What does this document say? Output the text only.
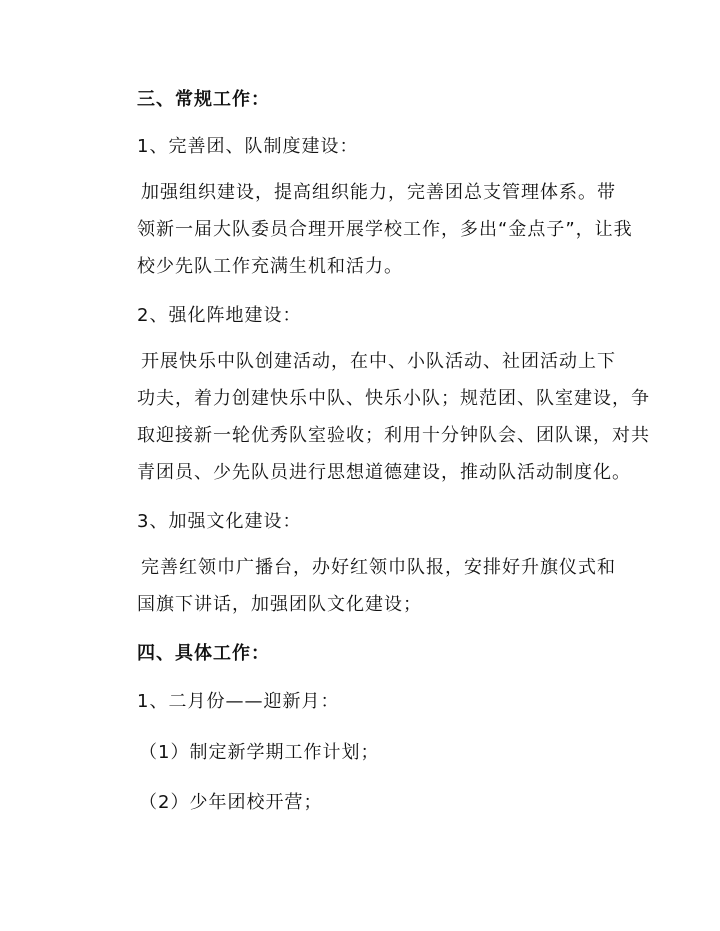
三、常规工作：
1、完善团、队制度建设：
加强组织建设，提高组织能力，完善团总支管理体系。带
领新一届大队委员合理开展学校工作，多出“金点子”，让我
校少先队工作充满生机和活力。
2、强化阵地建设：
开展快乐中队创建活动，在中、小队活动、社团活动上下
功夫，着力创建快乐中队、快乐小队；规范团、队室建设，争
取迎接新一轮优秀队室验收；利用十分钟队会、团队课，对共
青团员、少先队员进行思想道德建设，推动队活动制度化。
3、加强文化建设：
完善红领巾广播台，办好红领巾队报，安排好升旗仪式和
国旗下讲话，加强团队文化建设；
四、具体工作：
1、二月份——迎新月：
（1）制定新学期工作计划；
（2）少年团校开营；
